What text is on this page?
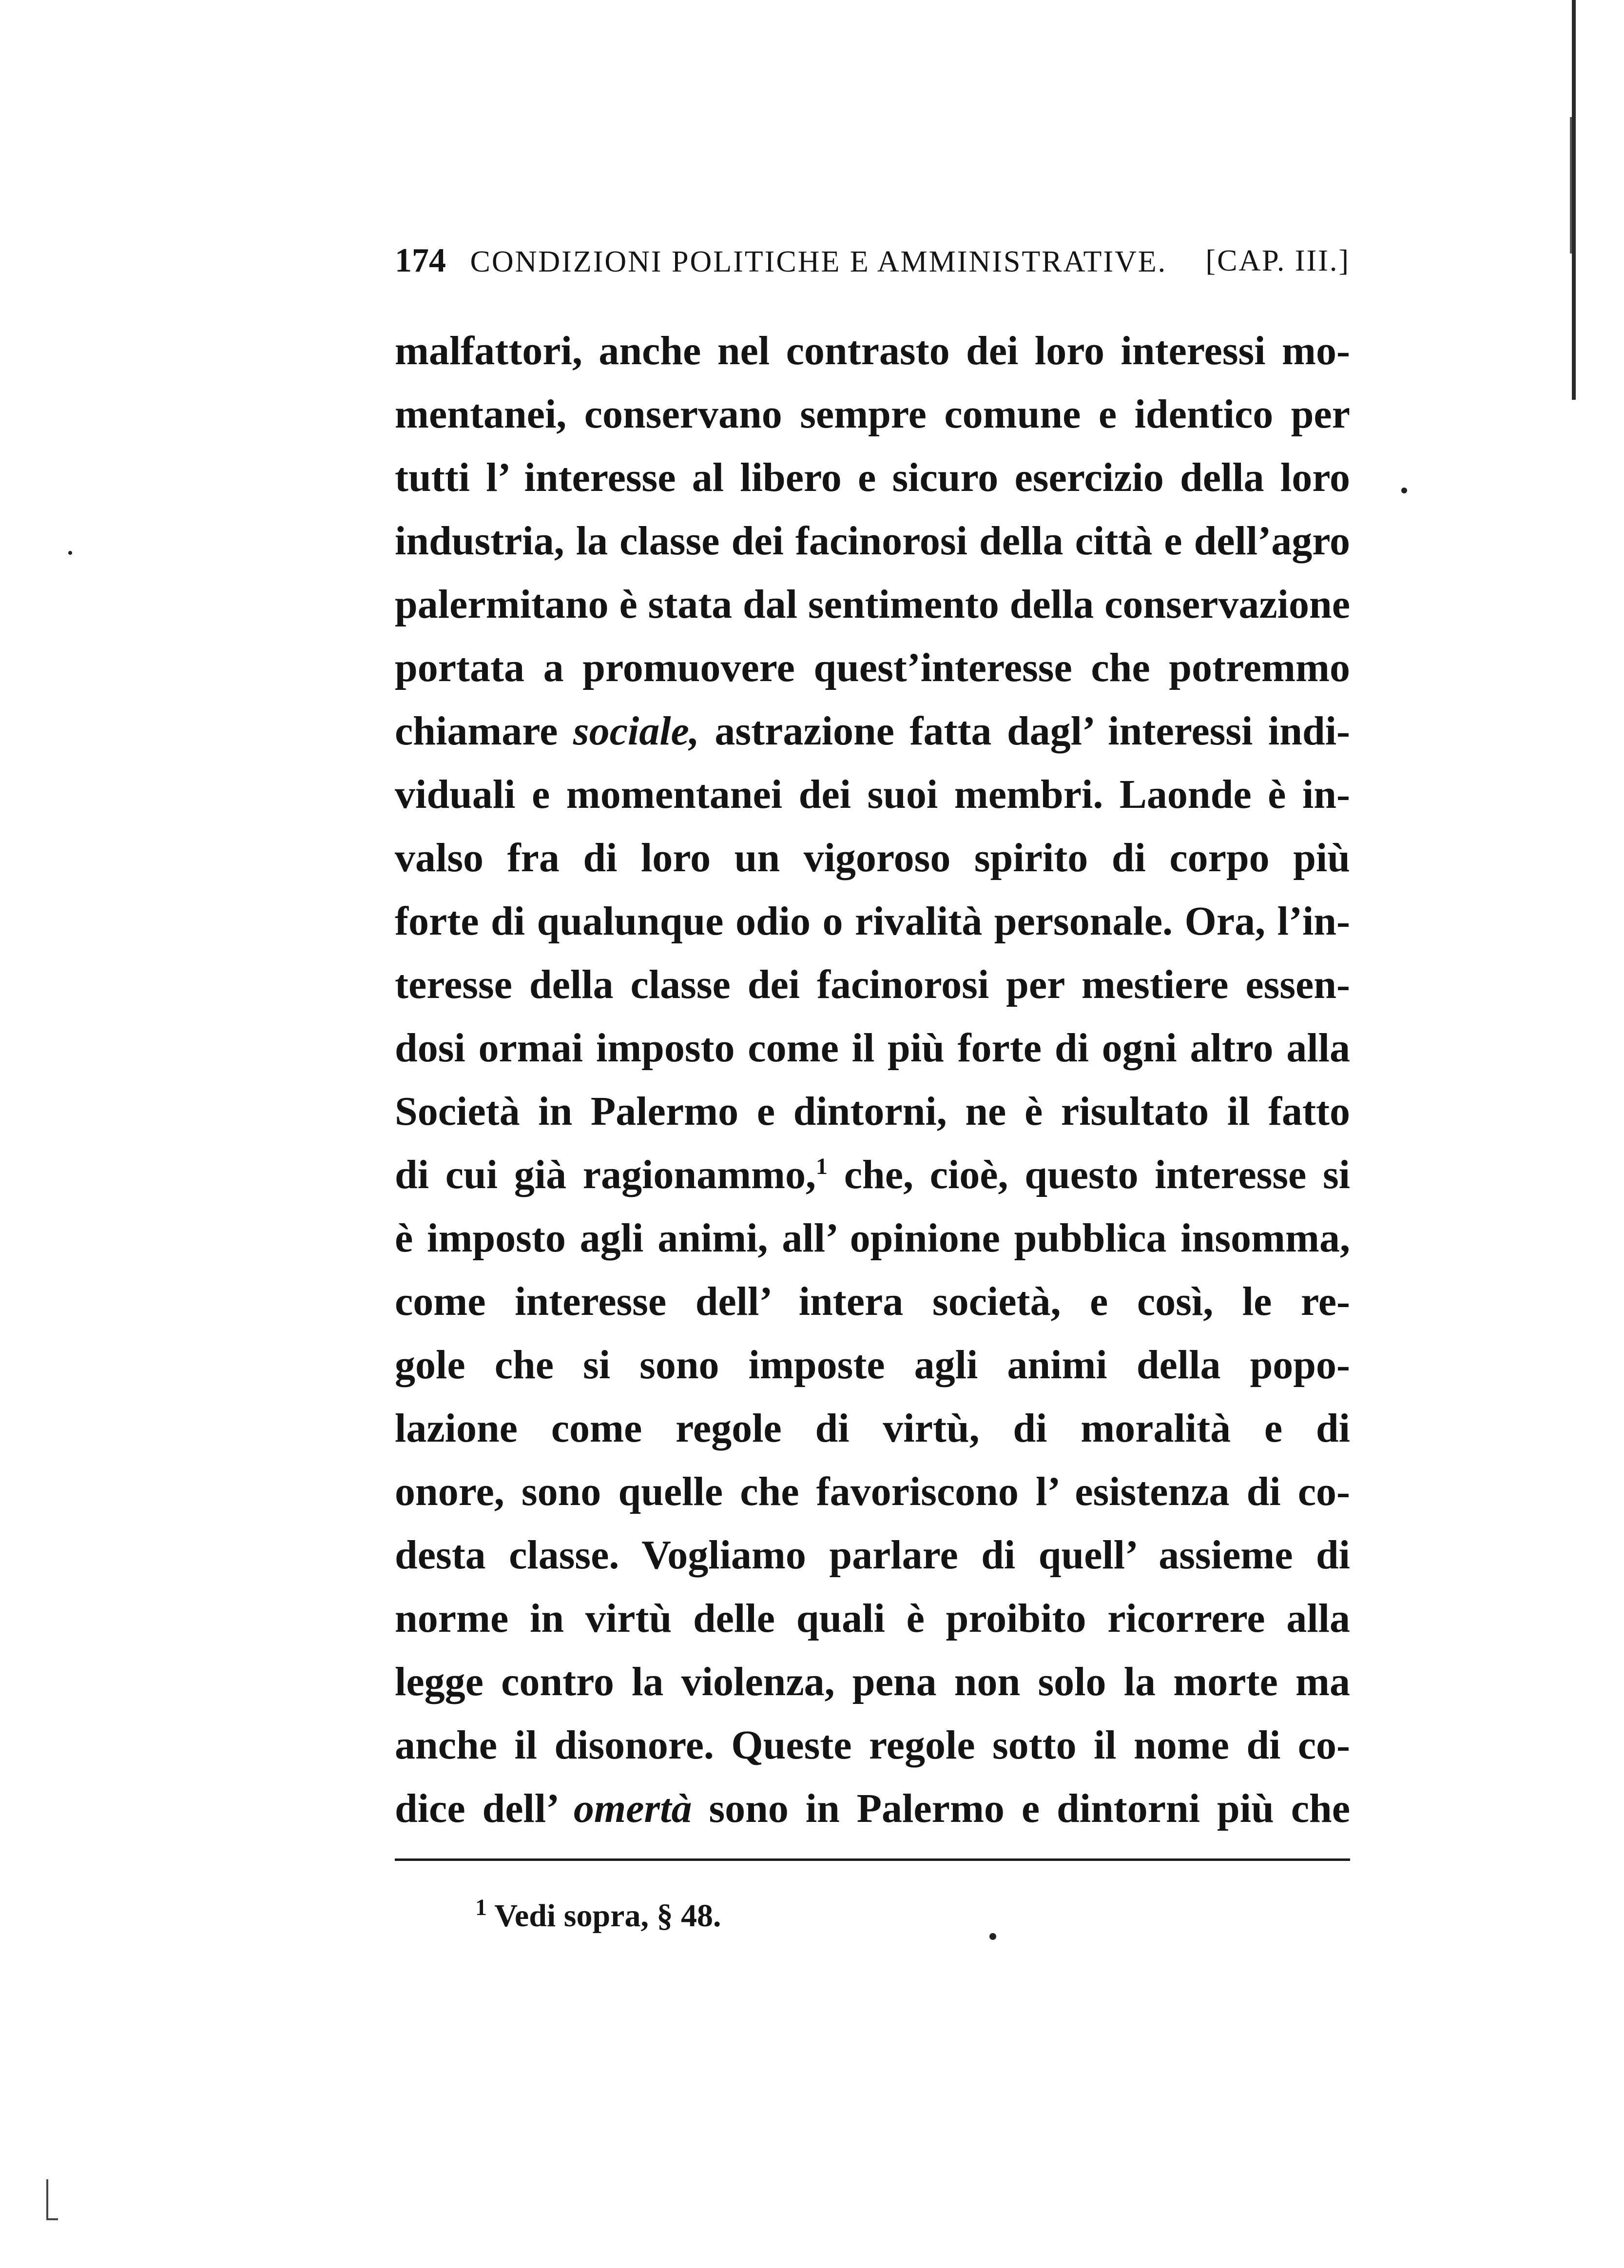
174 CONDIZIONI POLITICHE E AMMINISTRATIVE. [CAP. III.]
malfattori, anche nel contrasto dei loro interessi mo-
mentanei, conservano sempre comune e identico per
tutti l’ interesse al libero e sicuro esercizio della loro
industria, la classe dei facinorosi della città e dell’agro
palermitano è stata dal sentimento della conservazione
portata a promuovere quest’interesse che potremmo
chiamare sociale, astrazione fatta dagl’ interessi indi-
viduali e momentanei dei suoi membri. Laonde è in-
valso fra di loro un vigoroso spirito di corpo più
forte di qualunque odio o rivalità personale. Ora, l’in-
teresse della classe dei facinorosi per mestiere essen-
dosi ormai imposto come il più forte di ogni altro alla
Società in Palermo e dintorni, ne è risultato il fatto
di cui già ragionammo,$^1$ che, cioè, questo interesse si
è imposto agli animi, all’ opinione pubblica insomma,
come interesse dell’ intera società, e così, le re-
gole che si sono imposte agli animi della popo-
lazione come regole di virtù, di moralità e di
onore, sono quelle che favoriscono l’ esistenza di co-
desta classe. Vogliamo parlare di quell’ assieme di
norme in virtù delle quali è proibito ricorrere alla
legge contro la violenza, pena non solo la morte ma
anche il disonore. Queste regole sotto il nome di co-
dice dell’ omertà sono in Palermo e dintorni più che
$^1$ Vedi sopra, § 48.
